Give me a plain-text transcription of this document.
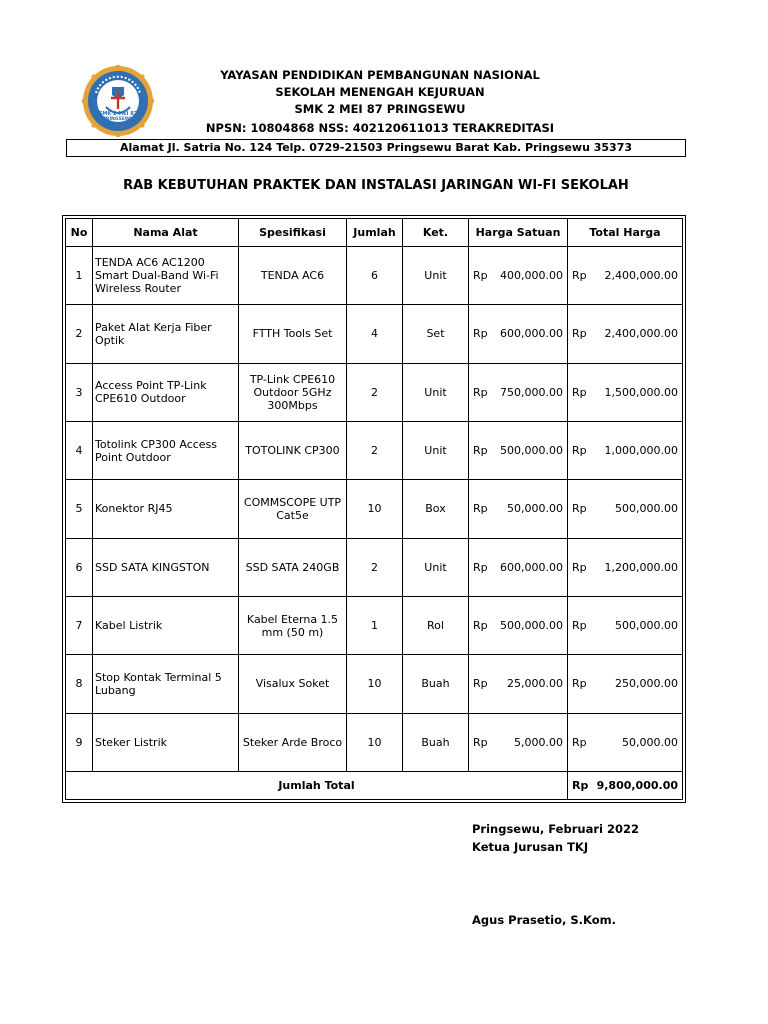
SMK 2 MEI 87
PRINGSEWU
YAYASAN PENDIDIKAN PEMBANGUNAN NASIONAL
SEKOLAH MENENGAH KEJURUAN
SMK 2 MEI 87 PRINGSEWU
NPSN: 10804868 NSS: 402120611013 TERAKREDITASI
Alamat Jl. Satria No. 124 Telp. 0729-21503 Pringsewu Barat Kab. Pringsewu 35373
RAB KEBUTUHAN PRAKTEK DAN INSTALASI JARINGAN WI-FI SEKOLAH
No	Nama Alat	Spesifikasi	Jumlah	Ket.	Harga Satuan	Total Harga
1	TENDA AC6 AC1200 Smart Dual-Band Wi-Fi Wireless Router	TENDA AC6	6	Unit	Rp 400,000.00	Rp 2,400,000.00

2	Paket Alat Kerja Fiber Optik	FTTH Tools Set	4	Set	Rp 600,000.00	Rp 2,400,000.00

3	Access Point TP-Link CPE610 Outdoor	TP-Link CPE610 Outdoor 5GHz 300Mbps	2	Unit	Rp 750,000.00	Rp 1,500,000.00

4	Totolink CP300 Access Point Outdoor	TOTOLINK CP300	2	Unit	Rp 500,000.00	Rp 1,000,000.00

5	Konektor RJ45	COMMSCOPE UTP Cat5e	10	Box	Rp 50,000.00	Rp 500,000.00

6	SSD SATA KINGSTON	SSD SATA 240GB	2	Unit	Rp 600,000.00	Rp 1,200,000.00

7	Kabel Listrik	Kabel Eterna 1.5 mm (50 m)	1	Rol	Rp 500,000.00	Rp 500,000.00

8	Stop Kontak Terminal 5 Lubang	Visalux Soket	10	Buah	Rp 25,000.00	Rp 250,000.00

9	Steker Listrik	Steker Arde Broco	10	Buah	Rp 5,000.00	Rp 50,000.00

Jumlah Total						Rp 9,800,000.00
Pringsewu, Februari 2022
Ketua Jurusan TKJ
Agus Prasetio, S.Kom.
